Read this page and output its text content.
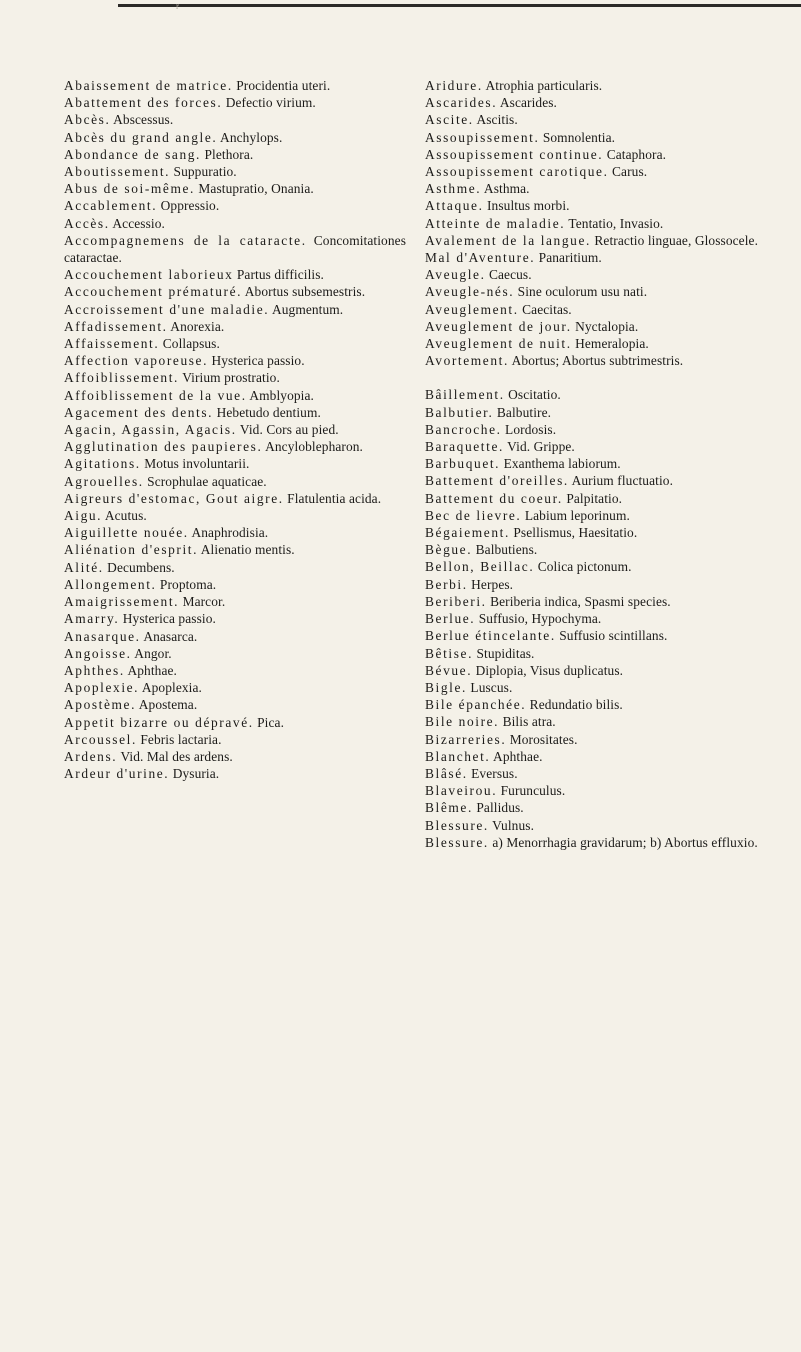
r

Abaissement de matrice. Procidentia uteri.

Abattement des forces. Defectio virium.

Abcès. Abscessus.

Abcès du grand angle. Anchylops.

Abondance de sang. Plethora.

Aboutissement. Suppuratio.

Abus de soi-même. Mastupratio, Onania.

Accablement. Oppressio.

Accès. Accessio.

Accompagnemens de la cataracte. Concomitationes cataractae.

Accouchement laborieux Partus difficilis.

Accouchement prématuré. Abortus subsemestris.

Accroissement d'une maladie. Augmentum.

Affadissement. Anorexia.

Affaissement. Collapsus.

Affection vaporeuse. Hysterica passio.

Affoiblissement. Virium prostratio.

Affoiblissement de la vue. Amblyopia.

Agacement des dents. Hebetudo dentium.

Agacin, Agassin, Agacis. Vid. Cors au pied.

Agglutination des paupieres. Ancyloblepharon.

Agitations. Motus involuntarii.

Agrouelles. Scrophulae aquaticae.

Aigreurs d'estomac, Gout aigre. Flatulentia acida.

Aigu. Acutus.

Aiguillette nouée. Anaphrodisia.

Aliénation d'esprit. Alienatio mentis.

Alité. Decumbens.

Allongement. Proptoma.

Amaigrissement. Marcor.

Amarry. Hysterica passio.

Anasarque. Anasarca.

Angoisse. Angor.

Aphthes. Aphthae.

Apoplexie. Apoplexia.

Apostème. Apostema.

Appetit bizarre ou dépravé. Pica.

Arcoussel. Febris lactaria.

Ardens. Vid. Mal des ardens.

Ardeur d'urine. Dysuria.

Aridure. Atrophia particularis.

Ascarides. Ascarides.

Ascite. Ascitis.

Assoupissement. Somnolentia.

Assoupissement continue. Cataphora.

Assoupissement carotique. Carus.

Asthme. Asthma.

Attaque. Insultus morbi.

Atteinte de maladie. Tentatio, Invasio.

Avalement de la langue. Retractio linguae, Glossocele.

Mal d'Aventure. Panaritium.

Aveugle. Caecus.

Aveugle-nés. Sine oculorum usu nati.

Aveuglement. Caecitas.

Aveuglement de jour. Nyctalopia.

Aveuglement de nuit. Hemeralopia.

Avortement. Abortus; Abortus subtrimestris.

Bâillement. Oscitatio.

Balbutier. Balbutire.

Bancroche. Lordosis.

Baraquette. Vid. Grippe.

Barbuquet. Exanthema labiorum.

Battement d'oreilles. Aurium fluctuatio.

Battement du coeur. Palpitatio.

Bec de lievre. Labium leporinum.

Bégaiement. Psellismus, Haesitatio.

Bègue. Balbutiens.

Bellon, Beillac. Colica pictonum.

Berbi. Herpes.

Beriberi. Beriberia indica, Spasmi species.

Berlue. Suffusio, Hypochyma.

Berlue étincelante. Suffusio scintillans.

Bêtise. Stupiditas.

Bévue. Diplopia, Visus duplicatus.

Bigle. Luscus.

Bile épanchée. Redundatio bilis.

Bile noire. Bilis atra.

Bizarreries. Morositates.

Blanchet. Aphthae.

Blâsé. Eversus.

Blaveirou. Furunculus.

Blême. Pallidus.

Blessure. Vulnus.

Blessure. a) Menorrhagia gravidarum; b) Abortus effluxio.
